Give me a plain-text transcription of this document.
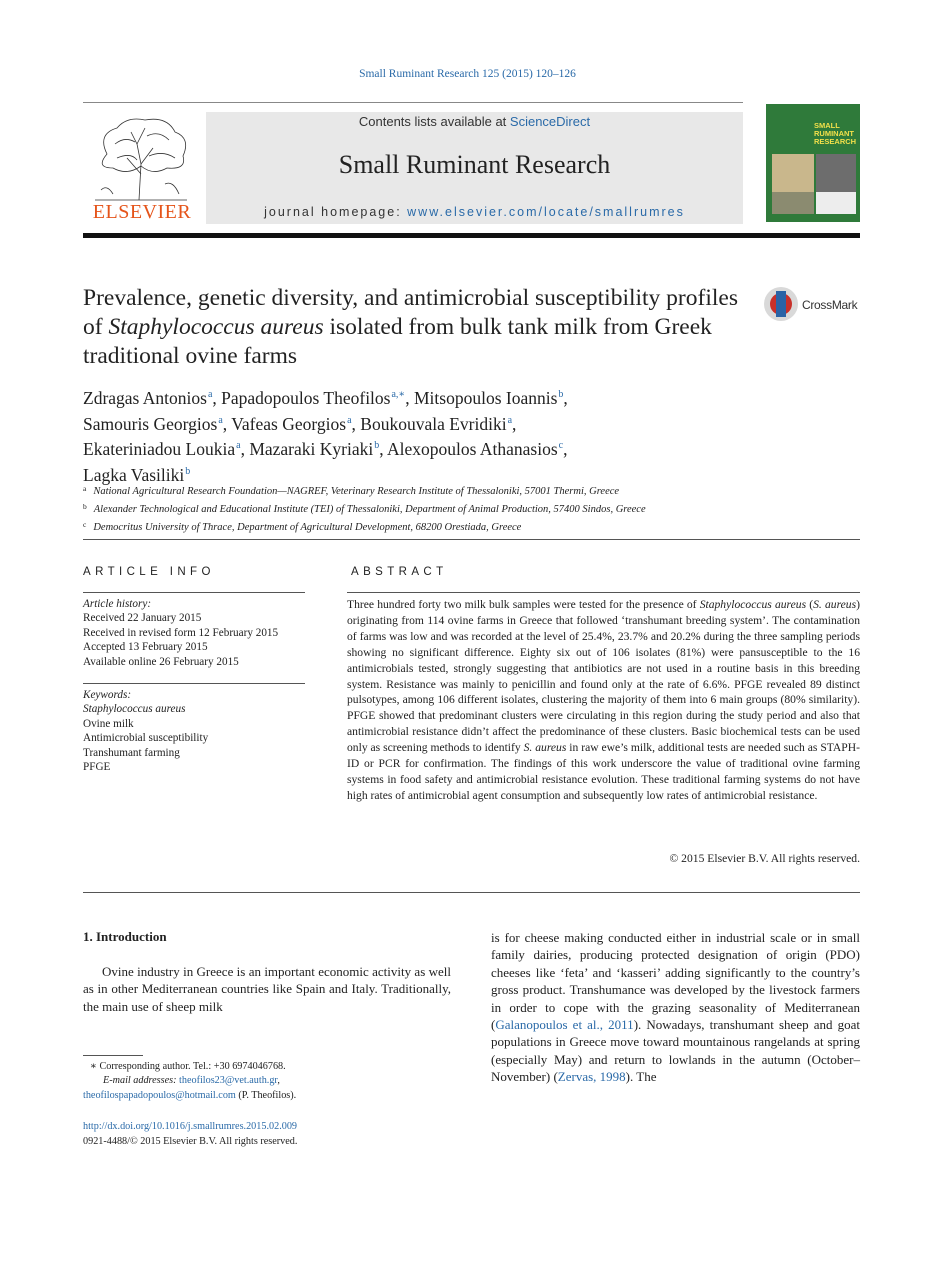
Small Ruminant Research 125 (2015) 120–126
ELSEVIER
Contents lists available at ScienceDirect
Small Ruminant Research
journal homepage: www.elsevier.com/locate/smallrumres
SMALL RUMINANT RESEARCH
Prevalence, genetic diversity, and antimicrobial susceptibility profiles of Staphylococcus aureus isolated from bulk tank milk from Greek traditional ovine farms
CrossMark
Zdragas Antonios$^a$, Papadopoulos Theofilos$^{a,∗}$, Mitsopoulos Ioannis$^b$,
Samouris Georgios$^a$, Vafeas Georgios$^a$, Boukouvala Evridiki$^a$,
Ekateriniadou Loukia$^a$, Mazaraki Kyriaki$^b$, Alexopoulos Athanasios$^c$,
Lagka Vasiliki$^b$
$^a$ National Agricultural Research Foundation—NAGREF, Veterinary Research Institute of Thessaloniki, 57001 Thermi, Greece
$^b$ Alexander Technological and Educational Institute (TEI) of Thessaloniki, Department of Animal Production, 57400 Sindos, Greece
$^c$ Democritus University of Thrace, Department of Agricultural Development, 68200 Orestiada, Greece
ARTICLE INFO
Article history:
Received 22 January 2015
Received in revised form 12 February 2015
Accepted 13 February 2015
Available online 26 February 2015
Keywords:
Staphylococcus aureus
Ovine milk
Antimicrobial susceptibility
Transhumant farming
PFGE
ABSTRACT
Three hundred forty two milk bulk samples were tested for the presence of Staphylococcus aureus (S. aureus) originating from 114 ovine farms in Greece that followed ‘transhumant breeding system’. The contamination of farms was low and was recorded at the level of 25.4%, 23.7% and 20.2% during the three sampling periods showing no significant difference. Eighty six out of 106 isolates (81%) were pansusceptible to the 16 antimicrobials tested, strongly suggesting that antibiotics are not used in a routine basis in this breeding system. Resistance was mainly to penicillin and found only at the rate of 6.6%. PFGE revealed 89 distinct pulsotypes, among 106 different isolates, clustering the majority of them into 6 main groups (80% similarity). PFGE showed that predominant clusters were circulating in this region during the study period and also that antimicrobial resistance didn’t affect the predominance of these clusters. Basic biochemical tests can be used only as screening methods to identify S. aureus in raw ewe’s milk, additional tests are needed such as STAPH-ID or PCR for confirmation. The findings of this work underscore the value of traditional ovine farming systems in food safety and antimicrobial resistance evolution. These traditional farming systems do not have high rates of antimicrobial agent consumption and subsequently low rates of antimicrobial resistance.
© 2015 Elsevier B.V. All rights reserved.
1. Introduction
Ovine industry in Greece is an important economic activity as well as in other Mediterranean countries like Spain and Italy. Traditionally, the main use of sheep milk
is for cheese making conducted either in industrial scale or in small family dairies, producing protected designation of origin (PDO) cheeses like ‘feta’ and ‘kasseri’ adding significantly to the country’s gross product. Transhumance was developed by the livestock farmers in order to cope with the grazing seasonality of Mediterranean (Galanopoulos et al., 2011). Nowadays, transhumant sheep and goat populations in Greece move toward mountainous rangelands at spring (especially May) and return to lowlands in the autumn (October–November) (Zervas, 1998). The
∗ Corresponding author. Tel.: +30 6974046768.
E-mail addresses: theofilos23@vet.auth.gr,
theofilospapadopoulos@hotmail.com (P. Theofilos).
http://dx.doi.org/10.1016/j.smallrumres.2015.02.009
0921-4488/© 2015 Elsevier B.V. All rights reserved.
